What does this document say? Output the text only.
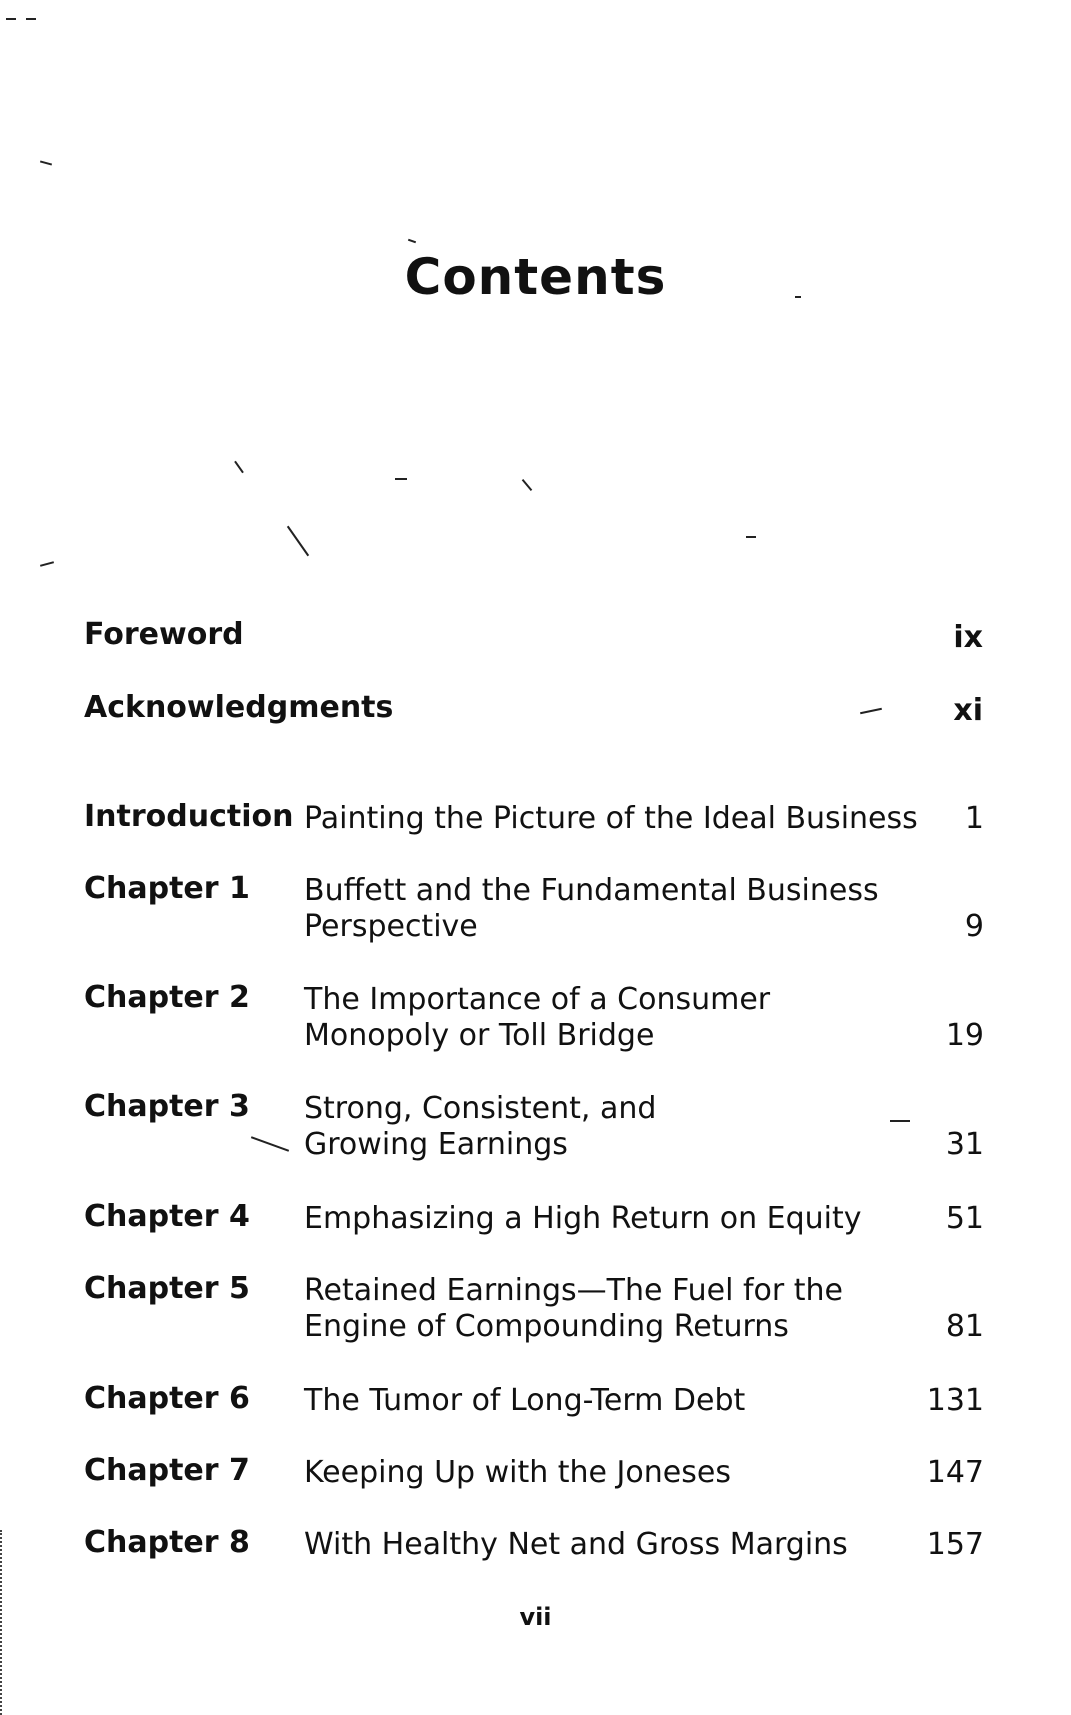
Contents
Foreword	ix
Acknowledgments	xi
Introduction Painting the Picture of the Ideal Business 1
Chapter 1 Buffett and the Fundamental Business
Perspective	9
Chapter 2 The Importance of a Consumer
Monopoly or Toll Bridge	19
Chapter 3 Strong, Consistent, and
Growing Earnings	31
Chapter 4 Emphasizing a High Return on Equity	51
Chapter 5 Retained Earnings—The Fuel for the
Engine of Compounding Returns	81
Chapter 6 The Tumor of Long-Term Debt	131
Chapter 7 Keeping Up with the Joneses	147
Chapter 8 With Healthy Net and Gross Margins	157
vii
